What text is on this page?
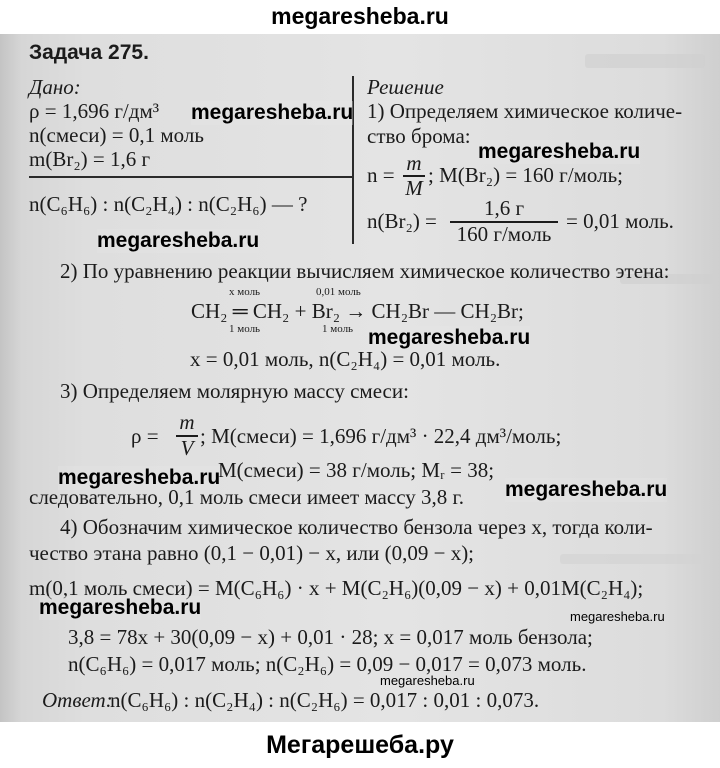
megaresheba.ru
Задача 275.
Дано:
ρ = 1,696 г/дм³
n(смеси) = 0,1 моль
m(Br₂) = 1,6 г
n(C₆H₆) : n(C₂H₄) : n(C₂H₆) — ?
Решение
1) Определяем химическое количе-
ство брома:
n = m
M
; M(Br₂) = 160 г/моль;
n(Br₂) =
1,6 г
160 г/моль
= 0,01 моль.
2) По уравнению реакции вычисляем химическое количество этена:
x моль	0,01 моль
CH₂ ═ CH₂ + Br₂ → CH₂Br — CH₂Br;
1 моль	1 моль
x = 0,01 моль, n(C₂H₄) = 0,01 моль.
3) Определяем молярную массу смеси:
ρ =
m
V ; M(смеси) = 1,696 г/дм³ · 22,4 дм³/моль;
M(смеси) = 38 г/моль; Mᵣ = 38;
следовательно, 0,1 моль смеси имеет массу 3,8 г.
4) Обозначим химическое количество бензола через x, тогда коли-
чество этана равно (0,1 − 0,01) − x, или (0,09 − x);
m(0,1 моль смеси) = M(C₆H₆) · x + M(C₂H₆)(0,09 − x) + 0,01M(C₂H₄);
3,8 = 78x + 30(0,09 − x) + 0,01 · 28; x = 0,017 моль бензола;
n(C₆H₆) = 0,017 моль; n(C₂H₆) = 0,09 − 0,017 = 0,073 моль.
Ответ:
n(C₆H₆) : n(C₂H₄) : n(C₂H₆) = 0,017 : 0,01 : 0,073.
megaresheba.ru
megaresheba.ru
megaresheba.ru
megaresheba.ru
megaresheba.ru
megaresheba.ru
megaresheba.ru	megaresheba.ru
megaresheba.ru
Мегарешеба.ру
